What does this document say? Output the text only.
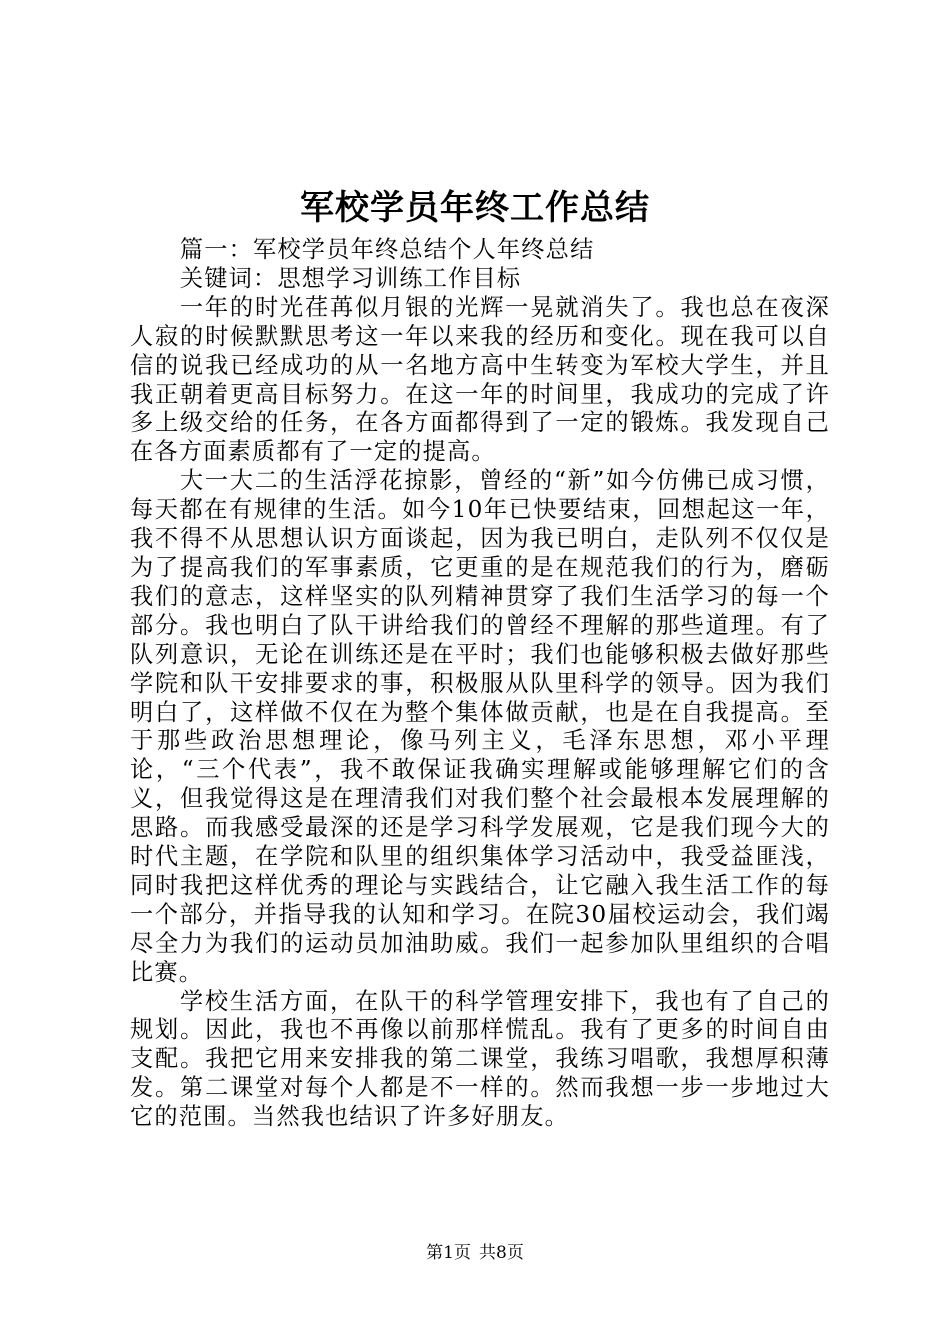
军校学员年终工作总结

篇一：军校学员年终总结个人年终总结

关键词：思想学习训练工作目标

一年的时光荏苒似月银的光辉一晃就消失了。我也总在夜深人寂的时候默默思考这一年以来我的经历和变化。现在我可以自信的说我已经成功的从一名地方高中生转变为军校大学生，并且我正朝着更高目标努力。在这一年的时间里，我成功的完成了许多上级交给的任务，在各方面都得到了一定的锻炼。我发现自己在各方面素质都有了一定的提高。

大一大二的生活浮花掠影，曾经的“新”如今仿佛已成习惯，每天都在有规律的生活。如今10年已快要结束，回想起这一年，我不得不从思想认识方面谈起，因为我已明白，走队列不仅仅是为了提高我们的军事素质，它更重的是在规范我们的行为，磨砺我们的意志，这样坚实的队列精神贯穿了我们生活学习的每一个部分。我也明白了队干讲给我们的曾经不理解的那些道理。有了队列意识，无论在训练还是在平时；我们也能够积极去做好那些学院和队干安排要求的事，积极服从队里科学的领导。因为我们明白了，这样做不仅在为整个集体做贡献，也是在自我提高。至于那些政治思想理论，像马列主义，毛泽东思想，邓小平理论，“三个代表”，我不敢保证我确实理解或能够理解它们的含义，但我觉得这是在理清我们对我们整个社会最根本发展理解的思路。而我感受最深的还是学习科学发展观，它是我们现今大的时代主题，在学院和队里的组织集体学习活动中，我受益匪浅，同时我把这样优秀的理论与实践结合，让它融入我生活工作的每一个部分，并指导我的认知和学习。在院30届校运动会，我们竭尽全力为我们的运动员加油助威。我们一起参加队里组织的合唱比赛。

学校生活方面，在队干的科学管理安排下，我也有了自己的规划。因此，我也不再像以前那样慌乱。我有了更多的时间自由支配。我把它用来安排我的第二课堂，我练习唱歌，我想厚积薄发。第二课堂对每个人都是不一样的。然而我想一步一步地过大它的范围。当然我也结识了许多好朋友。

第1页 共8页
